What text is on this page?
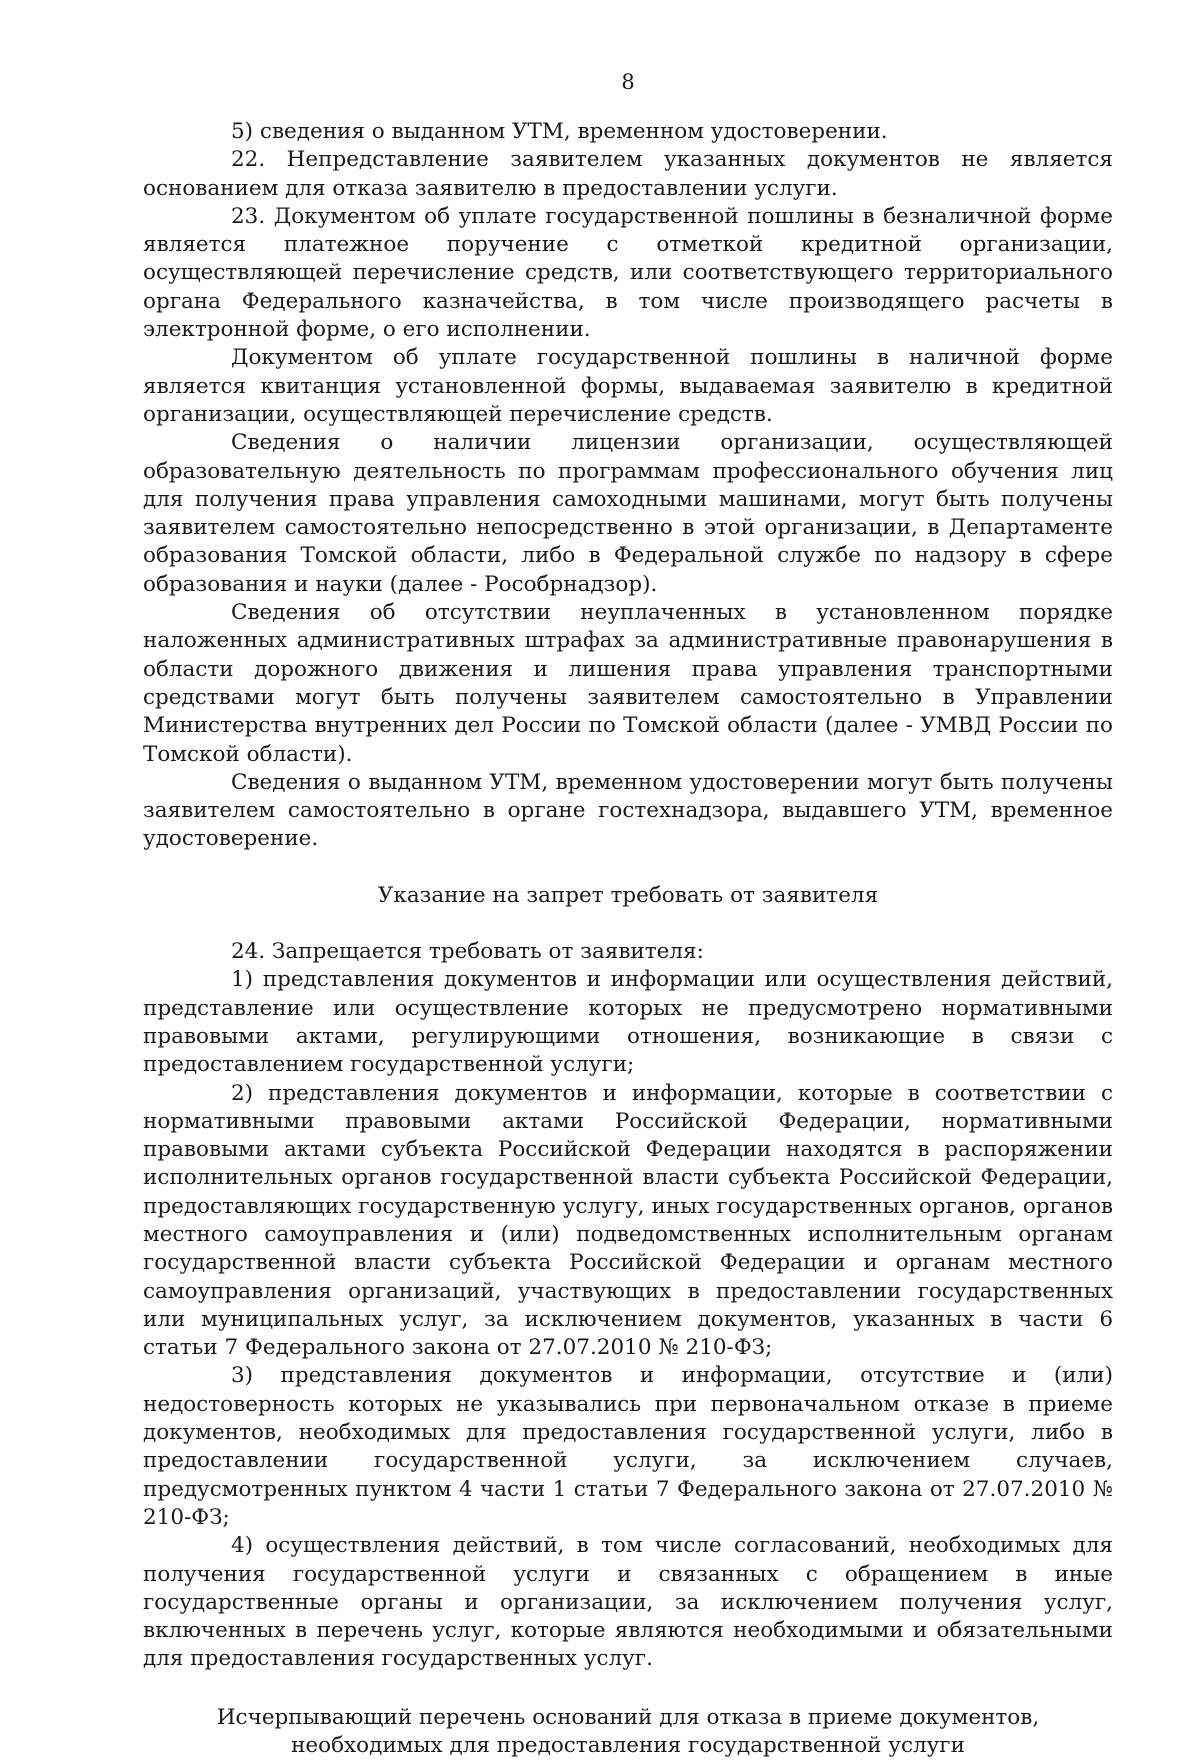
8

5) сведения о выданном УТМ, временном удостоверении.

22. Непредставление заявителем указанных документов не является основанием для отказа заявителю в предоставлении услуги.

23. Документом об уплате государственной пошлины в безналичной форме является платежное поручение с отметкой кредитной организации, осуществляющей перечисление средств, или соответствующего территориального органа Федерального казначейства, в том числе производящего расчеты в электронной форме, о его исполнении.

Документом об уплате государственной пошлины в наличной форме является квитанция установленной формы, выдаваемая заявителю в кредитной организации, осуществляющей перечисление средств.

Сведения о наличии лицензии организации, осуществляющей образовательную деятельность по программам профессионального обучения лиц для получения права управления самоходными машинами, могут быть получены заявителем самостоятельно непосредственно в этой организации, в Департаменте образования Томской области, либо в Федеральной службе по надзору в сфере образования и науки (далее - Рособрнадзор).

Сведения об отсутствии неуплаченных в установленном порядке наложенных административных штрафах за административные правонарушения в области дорожного движения и лишения права управления транспортными средствами могут быть получены заявителем самостоятельно в Управлении Министерства внутренних дел России по Томской области (далее - УМВД России по Томской области).

Сведения о выданном УТМ, временном удостоверении могут быть получены заявителем самостоятельно в органе гостехнадзора, выдавшего УТМ, временное удостоверение.

Указание на запрет требовать от заявителя

24. Запрещается требовать от заявителя:

1) представления документов и информации или осуществления действий, представление или осуществление которых не предусмотрено нормативными правовыми актами, регулирующими отношения, возникающие в связи с предоставлением государственной услуги;

2) представления документов и информации, которые в соответствии с нормативными правовыми актами Российской Федерации, нормативными правовыми актами субъекта Российской Федерации находятся в распоряжении исполнительных органов государственной власти субъекта Российской Федерации, предоставляющих государственную услугу, иных государственных органов, органов местного самоуправления и (или) подведомственных исполнительным органам государственной власти субъекта Российской Федерации и органам местного самоуправления организаций, участвующих в предоставлении государственных или муниципальных услуг, за исключением документов, указанных в части 6 статьи 7 Федерального закона от 27.07.2010 № 210-ФЗ;

3) представления документов и информации, отсутствие и (или) недостоверность которых не указывались при первоначальном отказе в приеме документов, необходимых для предоставления государственной услуги, либо в предоставлении государственной услуги, за исключением случаев, предусмотренных пунктом 4 части 1 статьи 7 Федерального закона от 27.07.2010 № 210-ФЗ;

4) осуществления действий, в том числе согласований, необходимых для получения государственной услуги и связанных с обращением в иные государственные органы и организации, за исключением получения услуг, включенных в перечень услуг, которые являются необходимыми и обязательными для предоставления государственных услуг.

Исчерпывающий перечень оснований для отказа в приеме документов, необходимых для предоставления государственной услуги
